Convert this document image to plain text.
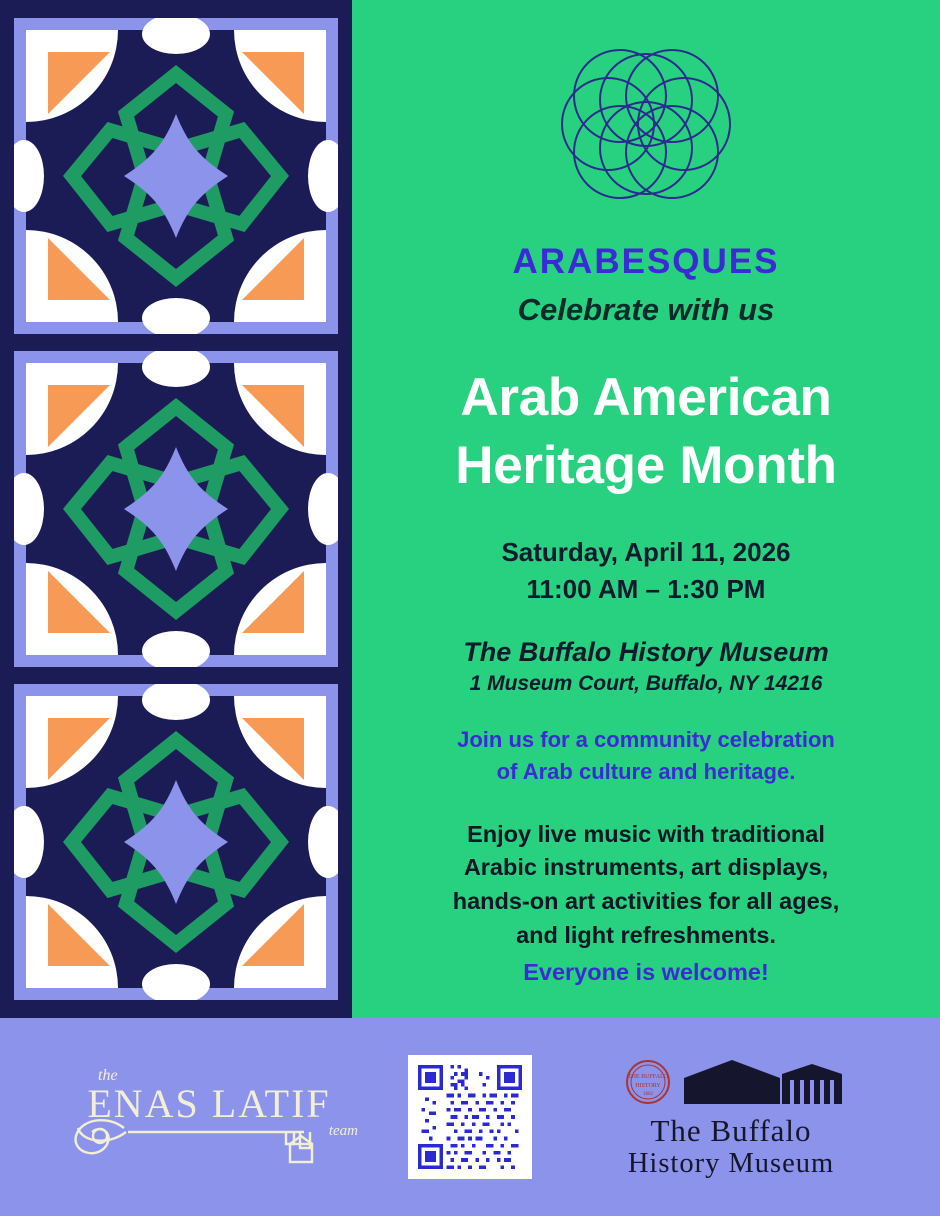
ARABESQUES
Celebrate with us
Arab American
Heritage Month
Saturday, April 11, 2026
11:00 AM – 1:30 PM
The Buffalo History Museum
1 Museum Court, Buffalo, NY 14216
Join us for a community celebration
of Arab culture and heritage.
Enjoy live music with traditional
Arabic instruments, art displays,
hands-on art activities for all ages,
and light refreshments.
Everyone is welcome!
the
ENAS LATIF
team
THE BUFFALO
HISTORY
1862
The Buffalo
History Museum
